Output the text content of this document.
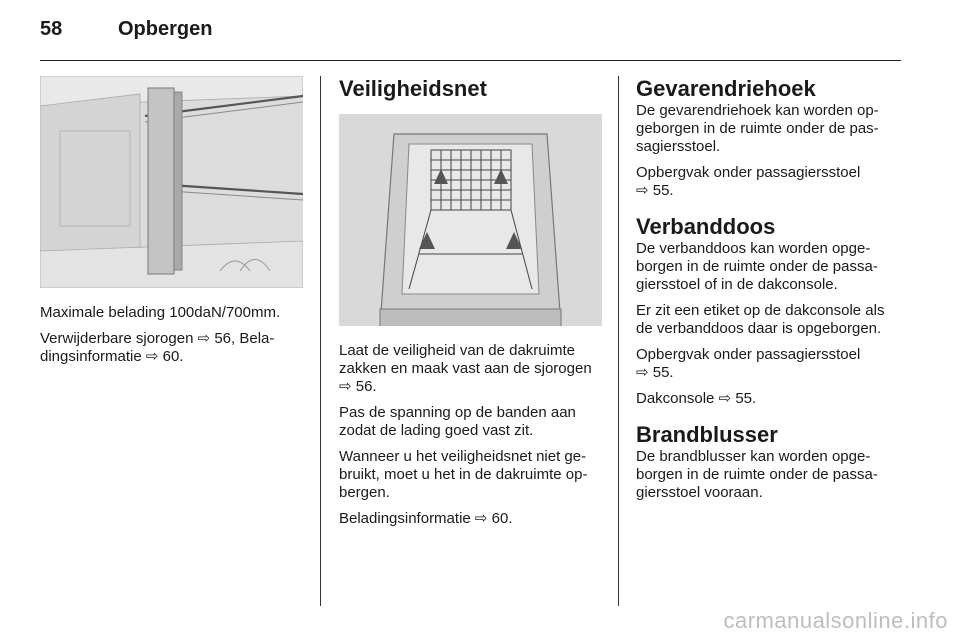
58	Opbergen

Maximale belading 100daN/700mm.

Verwijderbare sjorogen ⇨ 56, Bela-
dingsinformatie ⇨ 60.

Veiligheidsnet

Laat de veiligheid van de dakruimte
zakken en maak vast aan de sjorogen
⇨ 56.

Pas de spanning op de banden aan
zodat de lading goed vast zit.

Wanneer u het veiligheidsnet niet ge-
bruikt, moet u het in de dakruimte op-
bergen.

Beladingsinformatie ⇨ 60.

Gevarendriehoek

De gevarendriehoek kan worden op-
geborgen in de ruimte onder de pas-
sagiersstoel.

Opbergvak onder passagiersstoel
⇨ 55.

Verbanddoos

De verbanddoos kan worden opge-
borgen in de ruimte onder de passa-
giersstoel of in de dakconsole.

Er zit een etiket op de dakconsole als
de verbanddoos daar is opgeborgen.

Opbergvak onder passagiersstoel
⇨ 55.

Dakconsole ⇨ 55.

Brandblusser

De brandblusser kan worden opge-
borgen in de ruimte onder de passa-
giersstoel vooraan.

carmanualsonline.info
